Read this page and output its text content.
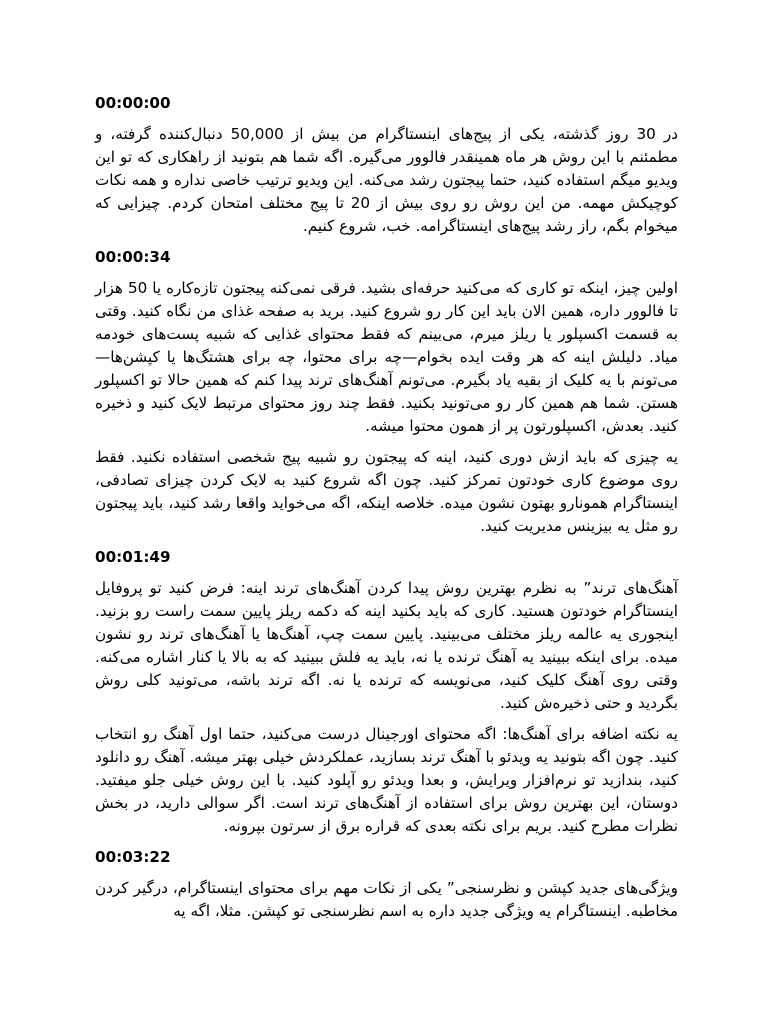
00:00:00

در 30 روز گذشته، یکی از پیج‌های اینستاگرام من بیش از 50,000 دنبال‌کننده گرفته، و مطمئنم با این روش هر ماه همینقدر فالوور می‌گیره. اگه شما هم بتونید از راهکاری که تو این ویدیو میگم استفاده کنید، حتما پیجتون رشد می‌کنه. این ویدیو ترتیب خاصی نداره و همه نکات کوچیکش مهمه. من این روش رو روی بیش از 20 تا پیج مختلف امتحان کردم. چیزایی که میخوام بگم، راز رشد پیج‌های اینستاگرامه. خب، شروع کنیم.

00:00:34

اولین چیز، اینکه تو کاری که می‌کنید حرفه‌ای بشید. فرقی نمی‌کنه پیجتون تازه‌کاره یا 50 هزار تا فالوور داره، همین الان باید این کار رو شروع کنید. برید به صفحه غذای من نگاه کنید. وقتی به قسمت اکسپلور یا ریلز میرم، می‌بینم که فقط محتوای غذایی که شبیه پست‌های خودمه میاد. دلیلش اینه که هر وقت ایده بخوام—چه برای محتوا، چه برای هشتگ‌ها یا کپشن‌ها—می‌تونم با یه کلیک از بقیه یاد بگیرم. می‌تونم آهنگ‌های ترند پیدا کنم که همین حالا تو اکسپلور هستن. شما هم همین کار رو می‌تونید بکنید. فقط چند روز محتوای مرتبط لایک کنید و ذخیره کنید. بعدش، اکسپلورتون پر از همون محتوا میشه.

یه چیزی که باید ازش دوری کنید، اینه که پیجتون رو شبیه پیج شخصی استفاده نکنید. فقط روی موضوع کاری خودتون تمرکز کنید. چون اگه شروع کنید به لایک کردن چیزای تصادفی، اینستاگرام همونارو بهتون نشون میده. خلاصه اینکه، اگه می‌خواید واقعا رشد کنید، باید پیجتون رو مثل یه بیزینس مدیریت کنید.

00:01:49

آهنگ‌های ترند” به نظرم بهترین روش پیدا کردن آهنگ‌های ترند اینه: فرض کنید تو پروفایل اینستاگرام خودتون هستید. کاری که باید بکنید اینه که دکمه ریلز پایین سمت راست رو بزنید. اینجوری یه عالمه ریلز مختلف می‌بینید. پایین سمت چپ، آهنگ‌ها یا آهنگ‌های ترند رو نشون میده. برای اینکه ببینید یه آهنگ ترنده یا نه، باید یه فلش ببینید که به بالا یا کنار اشاره می‌کنه. وقتی روی آهنگ کلیک کنید، می‌نویسه که ترنده یا نه. اگه ترند باشه، می‌تونید کلی روش بگردید و حتی ذخیره‌ش کنید.

یه نکته اضافه برای آهنگ‌ها: اگه محتوای اورجینال درست می‌کنید، حتما اول آهنگ رو انتخاب کنید. چون اگه بتونید یه ویدئو با آهنگ ترند بسازید، عملکردش خیلی بهتر میشه. آهنگ رو دانلود کنید، بندازید تو نرم‌افزار ویرایش، و بعدا ویدئو رو آپلود کنید. با این روش خیلی جلو میفتید. دوستان، این بهترین روش برای استفاده از آهنگ‌های ترند است. اگر سوالی دارید، در بخش نظرات مطرح کنید. بریم برای نکته بعدی که قراره برق از سرتون بپرونه.

00:03:22

ویژگی‌های جدید کپشن و نظرسنجی” یکی از نکات مهم برای محتوای اینستاگرام، درگیر کردن مخاطبه. اینستاگرام یه ویژگی جدید داره به اسم نظرسنجی تو کپشن. مثلا، اگه یه
